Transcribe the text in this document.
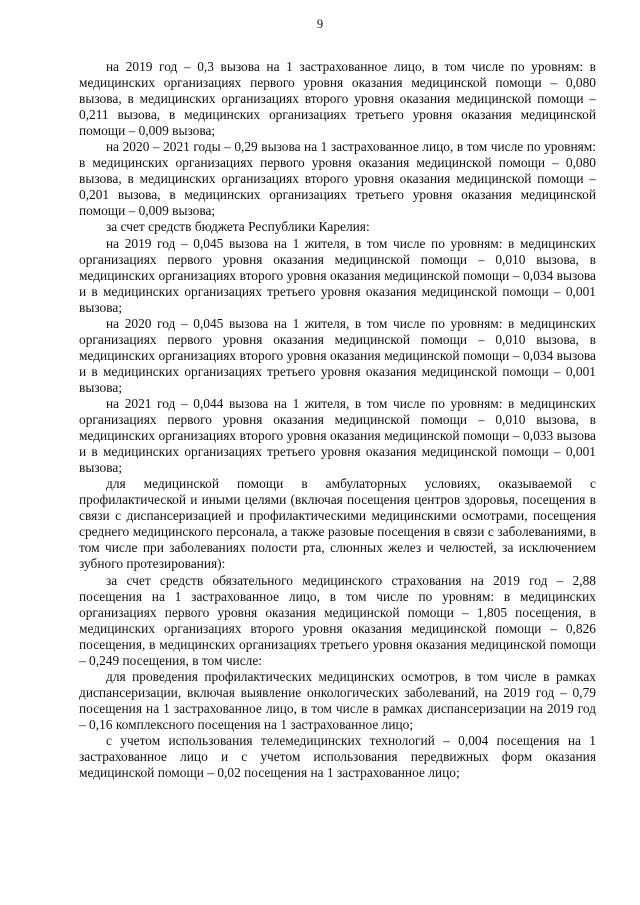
9

на 2019 год – 0,3 вызова на 1 застрахованное лицо, в том числе по уровням: в медицинских организациях первого уровня оказания медицинской помощи – 0,080 вызова, в медицинских организациях второго уровня оказания медицинской помощи – 0,211 вызова, в медицинских организациях третьего уровня оказания медицинской помощи – 0,009 вызова;

на 2020 – 2021 годы – 0,29 вызова на 1 застрахованное лицо, в том числе по уровням: в медицинских организациях первого уровня оказания медицинской помощи – 0,080 вызова, в медицинских организациях второго уровня оказания медицинской помощи – 0,201 вызова, в медицинских организациях третьего уровня оказания медицинской помощи – 0,009 вызова;

за счет средств бюджета Республики Карелия:

на 2019 год – 0,045 вызова на 1 жителя, в том числе по уровням: в медицинских организациях первого уровня оказания медицинской помощи – 0,010 вызова, в медицинских организациях второго уровня оказания медицинской помощи – 0,034 вызова и в медицинских организациях третьего уровня оказания медицинской помощи – 0,001 вызова;

на 2020 год – 0,045 вызова на 1 жителя, в том числе по уровням: в медицинских организациях первого уровня оказания медицинской помощи – 0,010 вызова, в медицинских организациях второго уровня оказания медицинской помощи – 0,034 вызова и в медицинских организациях третьего уровня оказания медицинской помощи – 0,001 вызова;

на 2021 год – 0,044 вызова на 1 жителя, в том числе по уровням: в медицинских организациях первого уровня оказания медицинской помощи – 0,010 вызова, в медицинских организациях второго уровня оказания медицинской помощи – 0,033 вызова и в медицинских организациях третьего уровня оказания медицинской помощи – 0,001 вызова;

для медицинской помощи в амбулаторных условиях, оказываемой с профилактической и иными целями (включая посещения центров здоровья, посещения в связи с диспансеризацией и профилактическими медицинскими осмотрами, посещения среднего медицинского персонала, а также разовые посещения в связи с заболеваниями, в том числе при заболеваниях полости рта, слюнных желез и челюстей, за исключением зубного протезирования):

за счет средств обязательного медицинского страхования на 2019 год – 2,88 посещения на 1 застрахованное лицо, в том числе по уровням: в медицинских организациях первого уровня оказания медицинской помощи – 1,805 посещения, в медицинских организациях второго уровня оказания медицинской помощи – 0,826 посещения, в медицинских организациях третьего уровня оказания медицинской помощи – 0,249 посещения, в том числе:

для проведения профилактических медицинских осмотров, в том числе в рамках диспансеризации, включая выявление онкологических заболеваний, на 2019 год – 0,79 посещения на 1 застрахованное лицо, в том числе в рамках диспансеризации на 2019 год – 0,16 комплексного посещения на 1 застрахованное лицо;

с учетом использования телемедицинских технологий – 0,004 посещения на 1 застрахованное лицо и с учетом использования передвижных форм оказания медицинской помощи – 0,02 посещения на 1 застрахованное лицо;
